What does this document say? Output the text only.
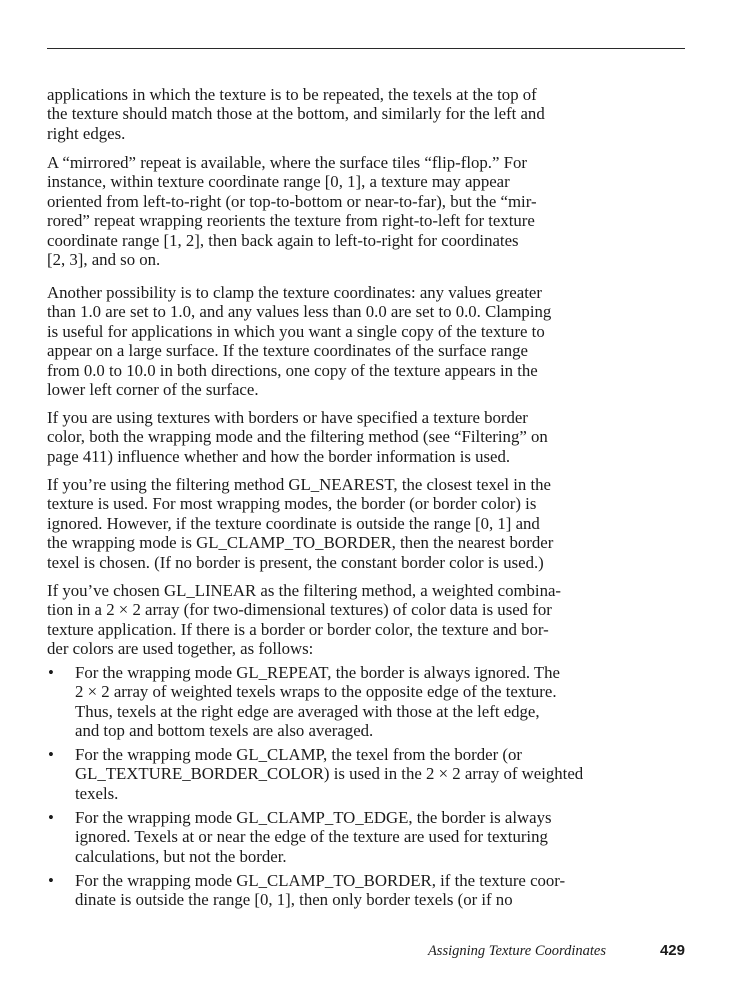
applications in which the texture is to be repeated, the texels at the top of
the texture should match those at the bottom, and similarly for the left and
right edges.
A “mirrored” repeat is available, where the surface tiles “flip-flop.” For
instance, within texture coordinate range [0, 1], a texture may appear
oriented from left-to-right (or top-to-bottom or near-to-far), but the “mir-
rored” repeat wrapping reorients the texture from right-to-left for texture
coordinate range [1, 2], then back again to left-to-right for coordinates
[2, 3], and so on.
Another possibility is to clamp the texture coordinates: any values greater
than 1.0 are set to 1.0, and any values less than 0.0 are set to 0.0. Clamping
is useful for applications in which you want a single copy of the texture to
appear on a large surface. If the texture coordinates of the surface range
from 0.0 to 10.0 in both directions, one copy of the texture appears in the
lower left corner of the surface.
If you are using textures with borders or have specified a texture border
color, both the wrapping mode and the filtering method (see “Filtering” on
page 411) influence whether and how the border information is used.
If you’re using the filtering method GL_NEAREST, the closest texel in the
texture is used. For most wrapping modes, the border (or border color) is
ignored. However, if the texture coordinate is outside the range [0, 1] and
the wrapping mode is GL_CLAMP_TO_BORDER, then the nearest border
texel is chosen. (If no border is present, the constant border color is used.)
If you’ve chosen GL_LINEAR as the filtering method, a weighted combina-
tion in a 2 × 2 array (for two-dimensional textures) of color data is used for
texture application. If there is a border or border color, the texture and bor-
der colors are used together, as follows:
• For the wrapping mode GL_REPEAT, the border is always ignored. The
2 × 2 array of weighted texels wraps to the opposite edge of the texture.
Thus, texels at the right edge are averaged with those at the left edge,
and top and bottom texels are also averaged.
• For the wrapping mode GL_CLAMP, the texel from the border (or
GL_TEXTURE_BORDER_COLOR) is used in the 2 × 2 array of weighted
texels.
• For the wrapping mode GL_CLAMP_TO_EDGE, the border is always
ignored. Texels at or near the edge of the texture are used for texturing
calculations, but not the border.
• For the wrapping mode GL_CLAMP_TO_BORDER, if the texture coor-
dinate is outside the range [0, 1], then only border texels (or if no
Assigning Texture Coordinates	429
